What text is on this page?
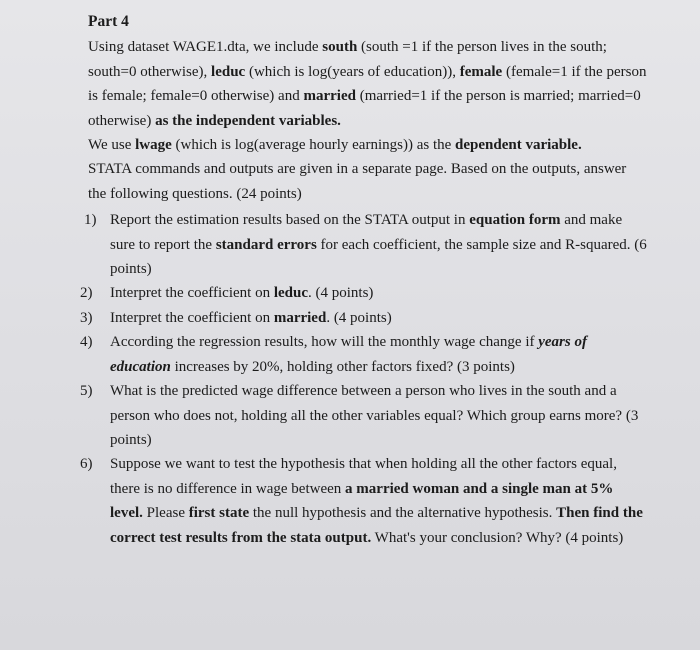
Part 4

Using dataset WAGE1.dta, we include south (south =1 if the person lives in the south; south=0 otherwise), leduc (which is log(years of education)), female (female=1 if the person is female; female=0 otherwise) and married (married=1 if the person is married; married=0 otherwise) as the independent variables.

We use lwage (which is log(average hourly earnings)) as the dependent variable.

STATA commands and outputs are given in a separate page. Based on the outputs, answer the following questions. (24 points)

1) Report the estimation results based on the STATA output in equation form and make sure to report the standard errors for each coefficient, the sample size and R-squared. (6 points)
2) Interpret the coefficient on leduc. (4 points)
3) Interpret the coefficient on married. (4 points)
4) According the regression results, how will the monthly wage change if years of education increases by 20%, holding other factors fixed? (3 points)
5) What is the predicted wage difference between a person who lives in the south and a person who does not, holding all the other variables equal? Which group earns more? (3 points)
6) Suppose we want to test the hypothesis that when holding all the other factors equal, there is no difference in wage between a married woman and a single man at 5% level. Please first state the null hypothesis and the alternative hypothesis. Then find the correct test results from the stata output. What's your conclusion? Why? (4 points)
